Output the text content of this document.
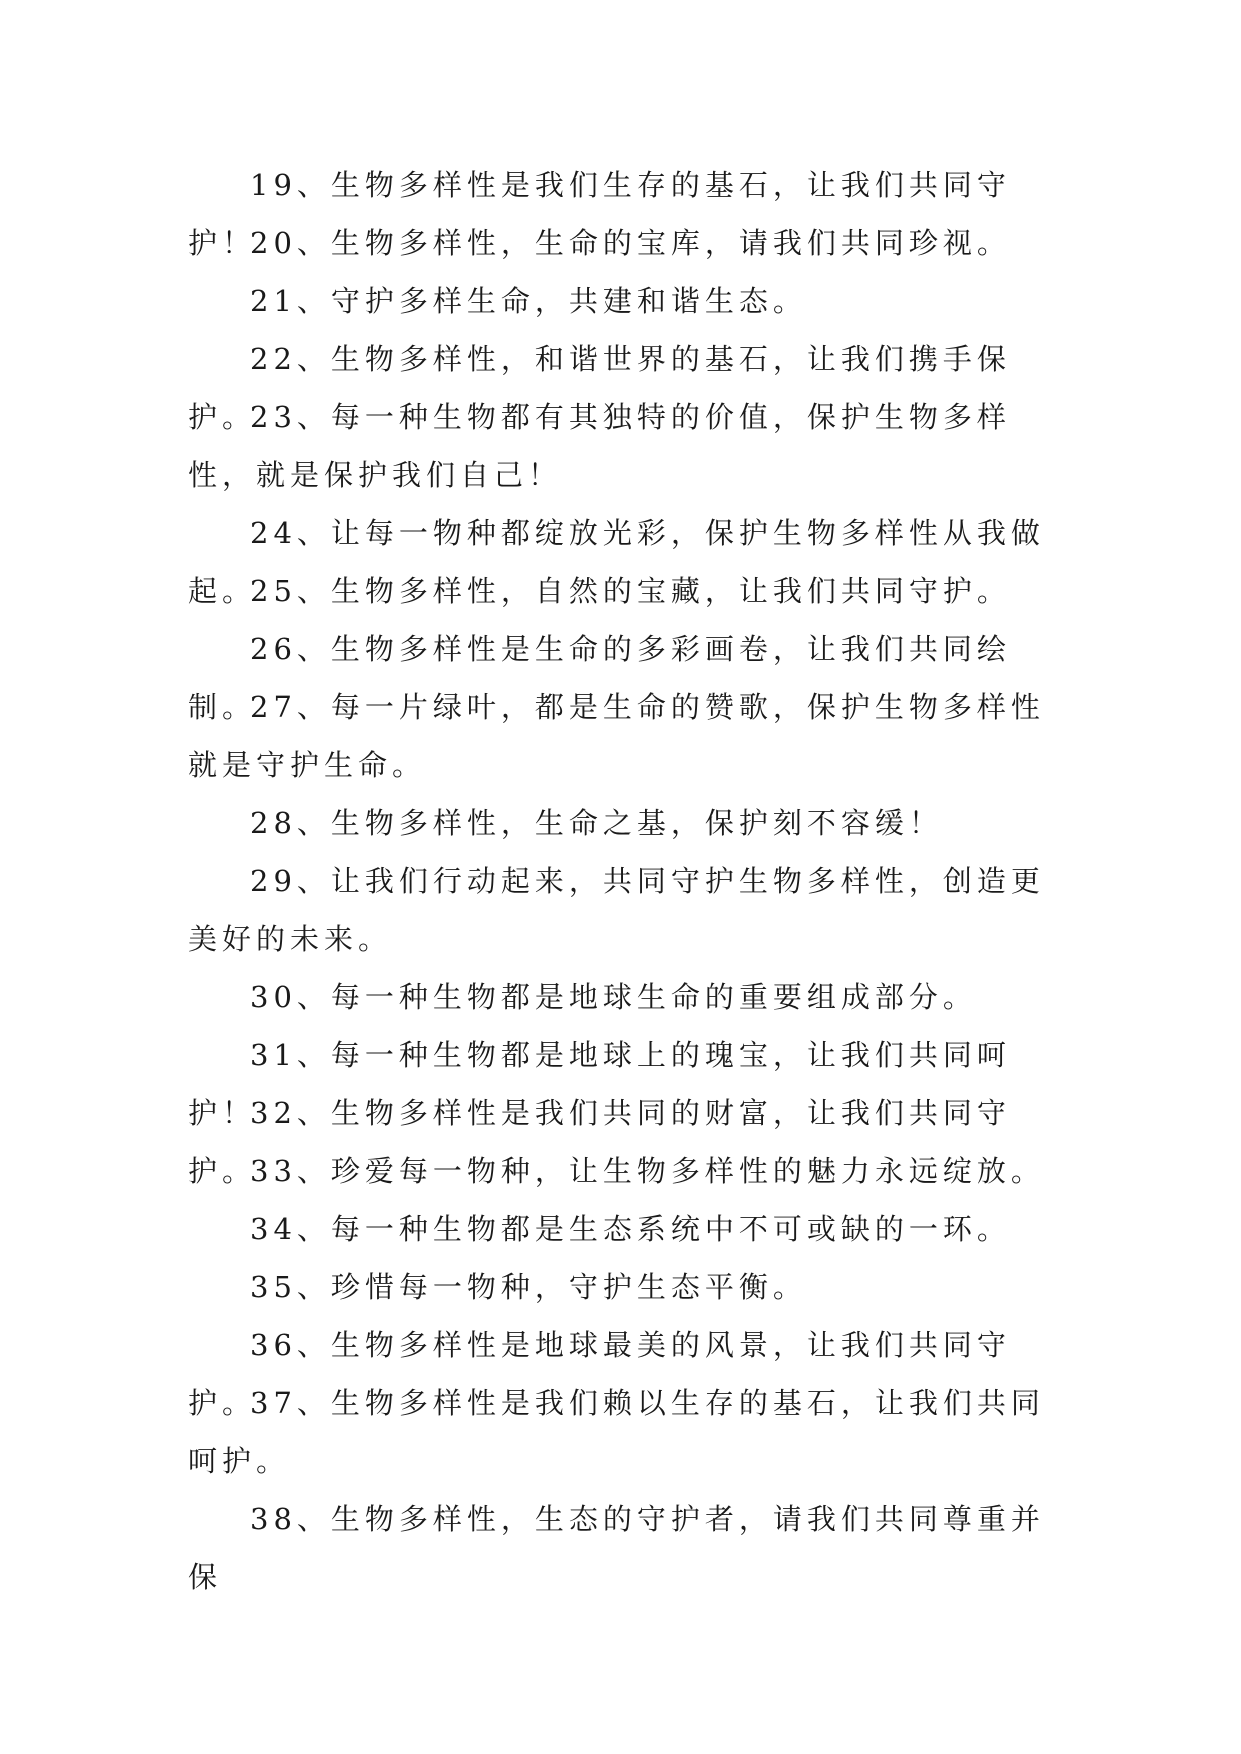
19、生物多样性是我们生存的基石，让我们共同守护！

20、生物多样性，生命的宝库，请我们共同珍视。

21、守护多样生命，共建和谐生态。

22、生物多样性，和谐世界的基石，让我们携手保护。

23、每一种生物都有其独特的价值，保护生物多样性，就是保护我们自己！

24、让每一物种都绽放光彩，保护生物多样性从我做起。

25、生物多样性，自然的宝藏，让我们共同守护。

26、生物多样性是生命的多彩画卷，让我们共同绘制。

27、每一片绿叶，都是生命的赞歌，保护生物多样性就是守护生命。

28、生物多样性，生命之基，保护刻不容缓！

29、让我们行动起来，共同守护生物多样性，创造更美好的未来。

30、每一种生物都是地球生命的重要组成部分。

31、每一种生物都是地球上的瑰宝，让我们共同呵护！

32、生物多样性是我们共同的财富，让我们共同守护。

33、珍爱每一物种，让生物多样性的魅力永远绽放。

34、每一种生物都是生态系统中不可或缺的一环。

35、珍惜每一物种，守护生态平衡。

36、生物多样性是地球最美的风景，让我们共同守护。

37、生物多样性是我们赖以生存的基石，让我们共同呵护。

38、生物多样性，生态的守护者，请我们共同尊重并保
